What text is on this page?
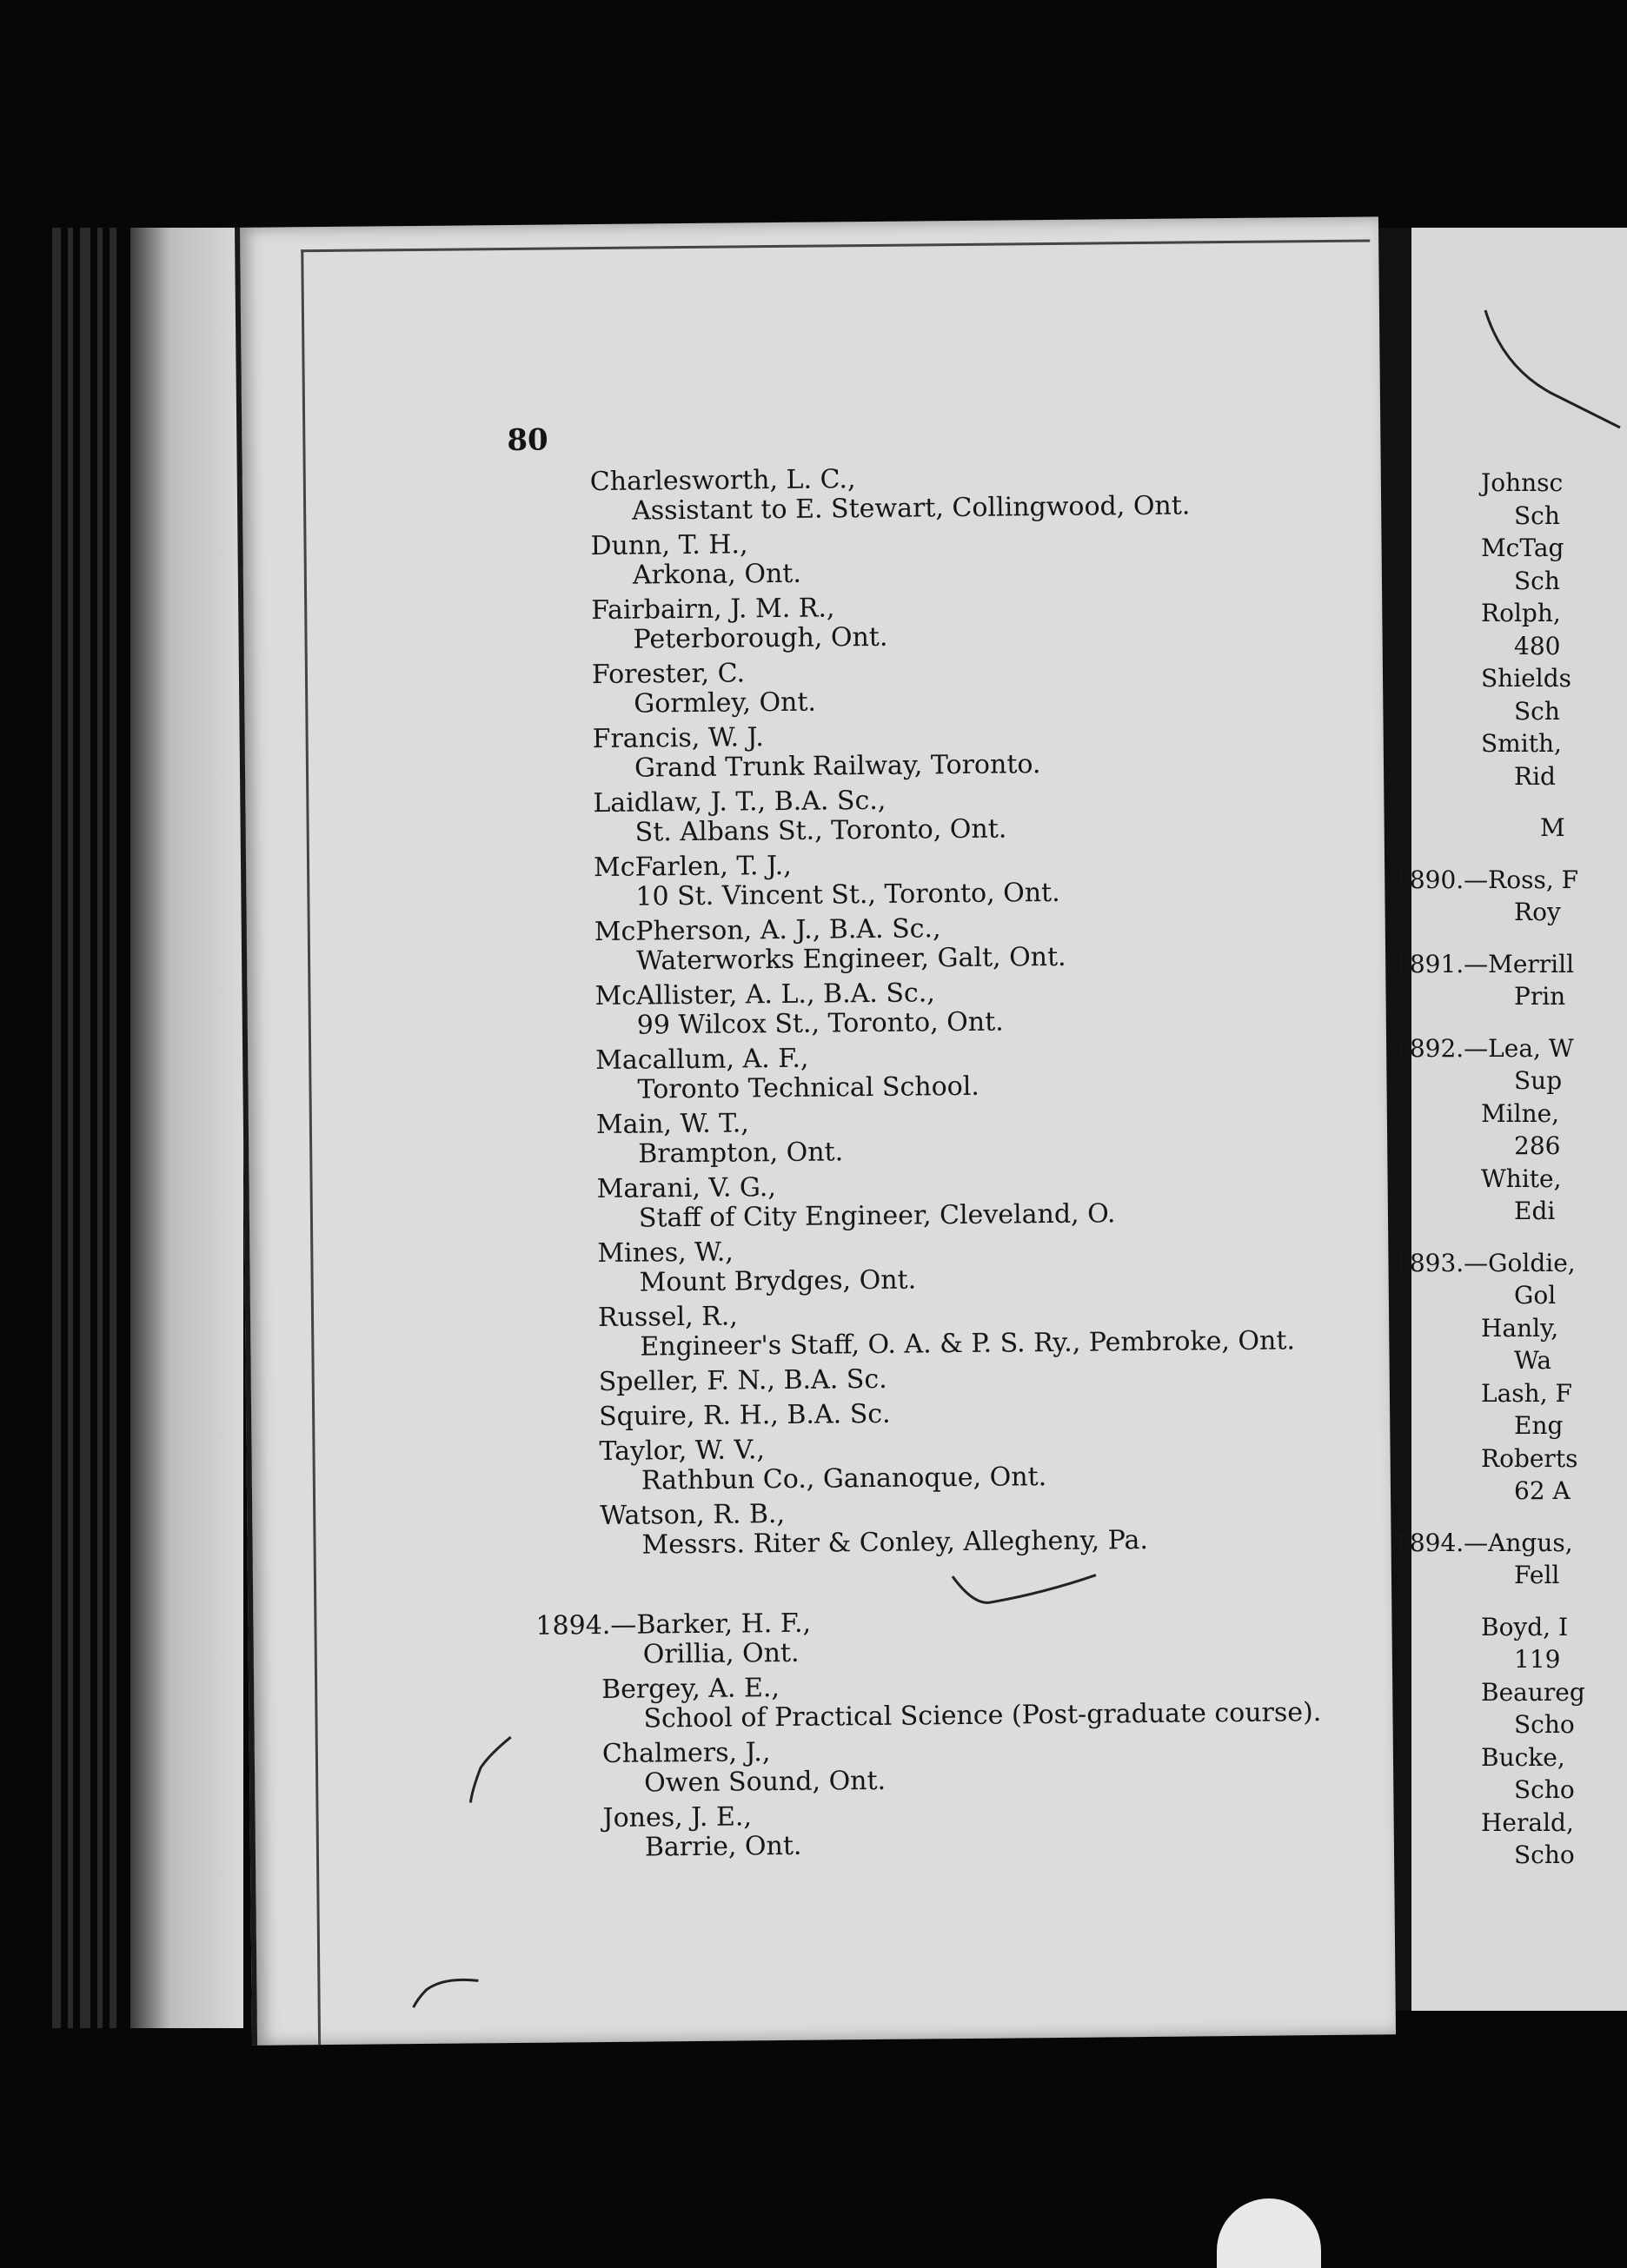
80
Charlesworth, L. C.,
Assistant to E. Stewart, Collingwood, Ont.
Dunn, T. H.,
Arkona, Ont.
Fairbairn, J. M. R.,
Peterborough, Ont.
Forester, C.
Gormley, Ont.
Francis, W. J.
Grand Trunk Railway, Toronto.
Laidlaw, J. T., B.A. Sc.,
St. Albans St., Toronto, Ont.
McFarlen, T. J.,
10 St. Vincent St., Toronto, Ont.
McPherson, A. J., B.A. Sc.,
Waterworks Engineer, Galt, Ont.
McAllister, A. L., B.A. Sc.,
99 Wilcox St., Toronto, Ont.
Macallum, A. F.,
Toronto Technical School.
Main, W. T.,
Brampton, Ont.
Marani, V. G.,
Staff of City Engineer, Cleveland, O.
Mines, W.,
Mount Brydges, Ont.
Russel, R.,
Engineer's Staff, O. A. & P. S. Ry., Pembroke, Ont.
Speller, F. N., B.A. Sc.
Squire, R. H., B.A. Sc.
Taylor, W. V.,
Rathbun Co., Gananoque, Ont.
Watson, R. B.,
Messrs. Riter & Conley, Allegheny, Pa.
1894.—Barker, H. F.,
Orillia, Ont.
Bergey, A. E.,
School of Practical Science (Post-graduate course).
Chalmers, J.,
Owen Sound, Ont.
Jones, J. E.,
Barrie, Ont.
Johnsc
Sch
McTag
Sch
Rolph,
480
Shields
Sch
Smith,
Rid
M
1890.—Ross, F
Roy
1891.—Merrill
Prin
1892.—Lea, W
Sup
Milne,
286
White,
Edi
1893.—Goldie,
Gol
Hanly,
Wa
Lash, F
Eng
Roberts
62 A
1894.—Angus,
Fell
Boyd, I
119
Beaureg
Scho
Bucke,
Scho
Herald,
Scho
